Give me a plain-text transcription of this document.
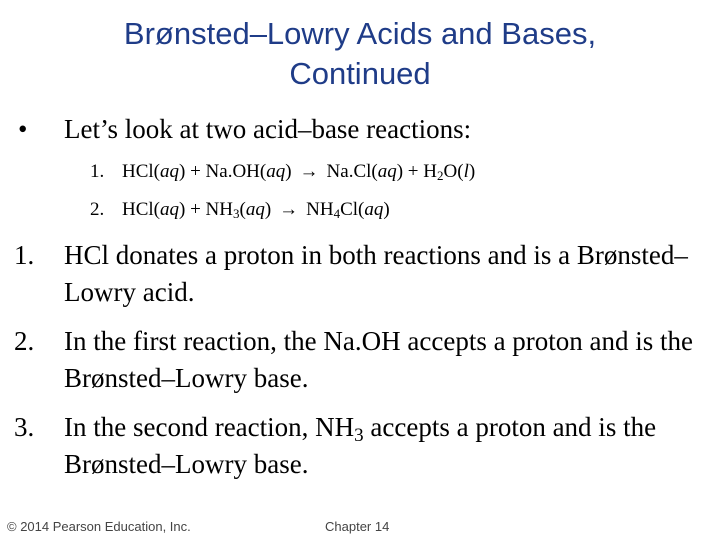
Brønsted–Lowry Acids and Bases,
Continued
• Let’s look at two acid–base reactions:
1. $HCl(aq) + Na.OH(aq) \to Na.Cl(aq) + H_2O(l)$
2. $HCl(aq) + NH_3(aq) \to NH_4Cl(aq)$
1. HCl donates a proton in both reactions and is a Brønsted–Lowry acid.
2. In the first reaction, the Na.OH accepts a proton and is the Brønsted–Lowry base.
3. In the second reaction, $NH_3$ accepts a proton and is the Brønsted–Lowry base.
© 2014 Pearson Education, Inc.	Chapter 14
